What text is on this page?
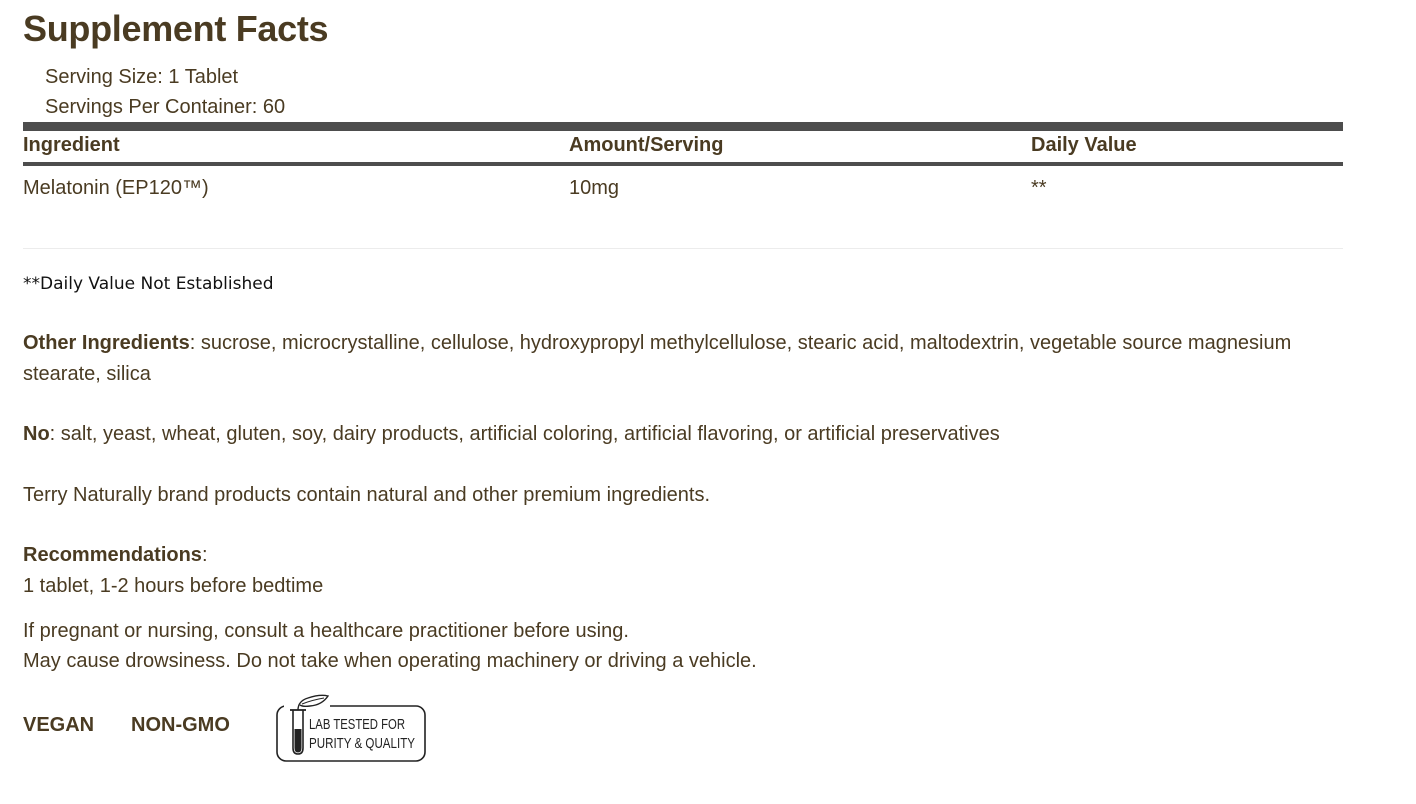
Supplement Facts
Serving Size: 1 Tablet
Servings Per Container: 60
Ingredient	Amount/Serving	Daily Value
Melatonin (EP120™)	10mg	**
**Daily Value Not Established
Other Ingredients: sucrose, microcrystalline, cellulose, hydroxypropyl methylcellulose, stearic acid, maltodextrin, vegetable source magnesium stearate, silica
No: salt, yeast, wheat, gluten, soy, dairy products, artificial coloring, artificial flavoring, or artificial preservatives
Terry Naturally brand products contain natural and other premium ingredients.
Recommendations:
1 tablet, 1-2 hours before bedtime
If pregnant or nursing, consult a healthcare practitioner before using.
May cause drowsiness. Do not take when operating machinery or driving a vehicle.
VEGAN NON-GMO	LAB TESTED FOR
PURITY & QUALITY
